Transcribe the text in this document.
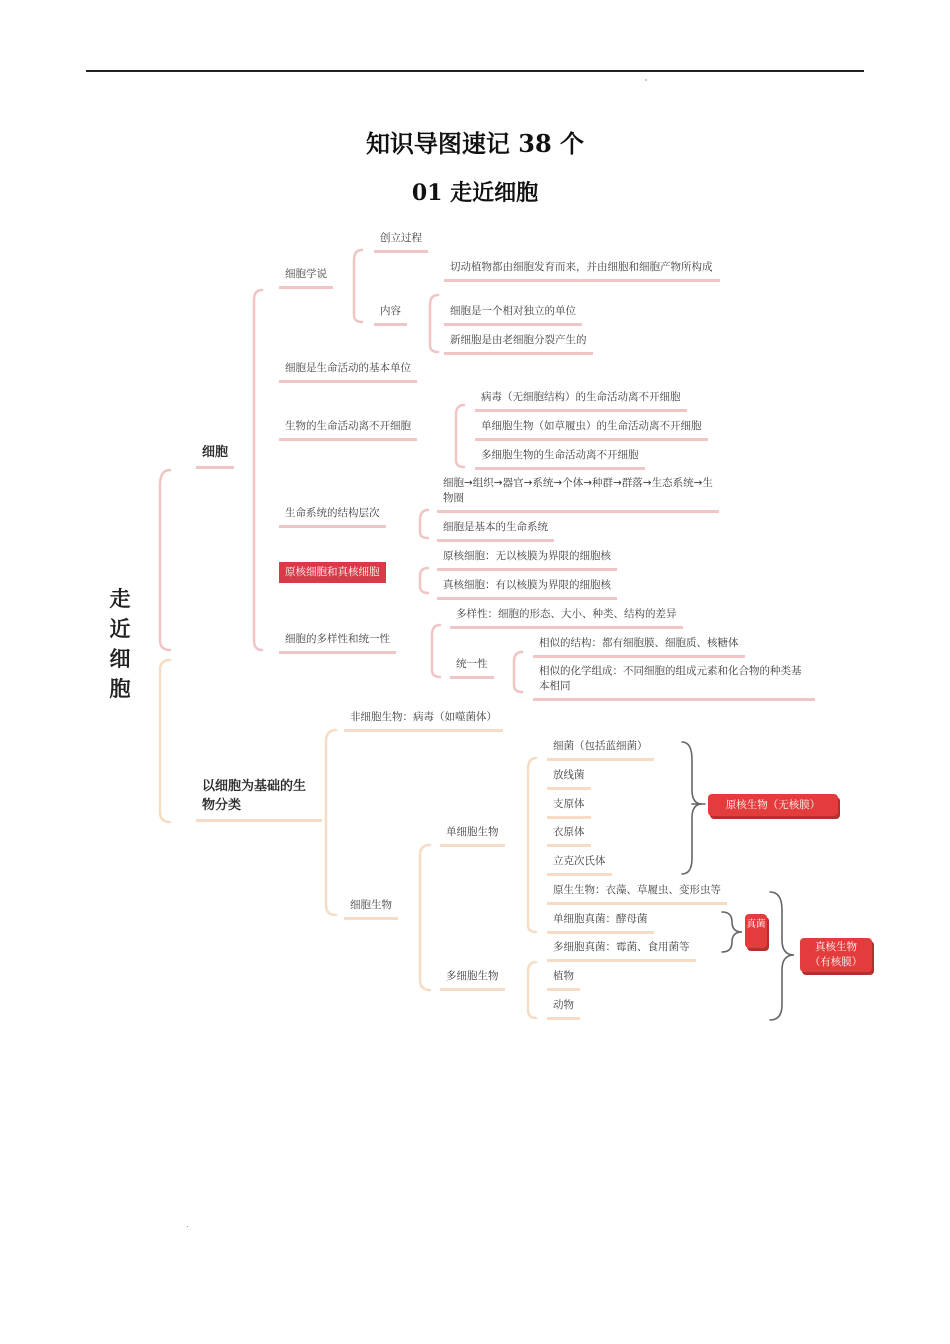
'
知识导图速记 38 个
01 走近细胞
走近细胞
细胞
以细胞为基础的生物分类
细胞学说
创立过程
内容
切动植物都由细胞发育而来，并由细胞和细胞产物所构成
细胞是一个相对独立的单位
新细胞是由老细胞分裂产生的
细胞是生命活动的基本单位
生物的生命活动离不开细胞
病毒（无细胞结构）的生命活动离不开细胞
单细胞生物（如草履虫）的生命活动离不开细胞
多细胞生物的生命活动离不开细胞
生命系统的结构层次
细胞→组织→器官→系统→个体→种群→群落→生态系统→生物圈
细胞是基本的生命系统
原核细胞和真核细胞
原核细胞：无以核膜为界限的细胞核
真核细胞：有以核膜为界限的细胞核
细胞的多样性和统一性
多样性：细胞的形态、大小、种类、结构的差异
统一性
相似的结构：都有细胞膜、细胞质、核糖体
相似的化学组成：不同细胞的组成元素和化合物的种类基本相同
非细胞生物：病毒（如噬菌体）
细胞生物
单细胞生物
多细胞生物
细菌（包括蓝细菌）
放线菌
支原体
衣原体
立克次氏体
原生生物：衣藻、草履虫、变形虫等
单细胞真菌：酵母菌
多细胞真菌：霉菌、食用菌等
植物
动物
原核生物（无核膜）
真菌
真核生物
（有核膜）
.
